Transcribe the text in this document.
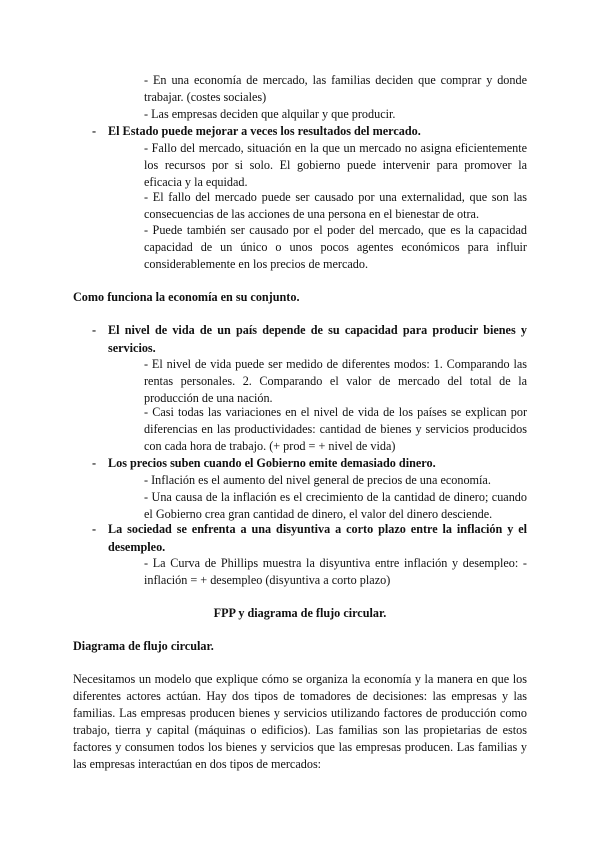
- En una economía de mercado, las familias deciden que comprar y donde trabajar. (costes sociales)

- Las empresas deciden que alquilar y que producir.

- El Estado puede mejorar a veces los resultados del mercado.

- Fallo del mercado, situación en la que un mercado no asigna eficientemente los recursos por si solo. El gobierno puede intervenir para promover la eficacia y la equidad.

- El fallo del mercado puede ser causado por una externalidad, que son las consecuencias de las acciones de una persona en el bienestar de otra.

- Puede también ser causado por el poder del mercado, que es la capacidad capacidad de un único o unos pocos agentes económicos para influir considerablemente en los precios de mercado.

Como funciona la economía en su conjunto.

- El nivel de vida de un país depende de su capacidad para producir bienes y servicios.

- El nivel de vida puede ser medido de diferentes modos: 1. Comparando las rentas personales. 2. Comparando el valor de mercado del total de la producción de una nación.

- Casi todas las variaciones en el nivel de vida de los países se explican por diferencias en las productividades: cantidad de bienes y servicios producidos con cada hora de trabajo. (+ prod = + nivel de vida)

- Los precios suben cuando el Gobierno emite demasiado dinero.

- Inflación es el aumento del nivel general de precios de una economía.

- Una causa de la inflación es el crecimiento de la cantidad de dinero; cuando el Gobierno crea gran cantidad de dinero, el valor del dinero desciende.

- La sociedad se enfrenta a una disyuntiva a corto plazo entre la inflación y el desempleo.

- La Curva de Phillips muestra la disyuntiva entre inflación y desempleo: -inflación = + desempleo (disyuntiva a corto plazo)

FPP y diagrama de flujo circular.

Diagrama de flujo circular.

Necesitamos un modelo que explique cómo se organiza la economía y la manera en que los diferentes actores actúan. Hay dos tipos de tomadores de decisiones: las empresas y las familias. Las empresas producen bienes y servicios utilizando factores de producción como trabajo, tierra y capital (máquinas o edificios). Las familias son las propietarias de estos factores y consumen todos los bienes y servicios que las empresas producen. Las familias y las empresas interactúan en dos tipos de mercados:
